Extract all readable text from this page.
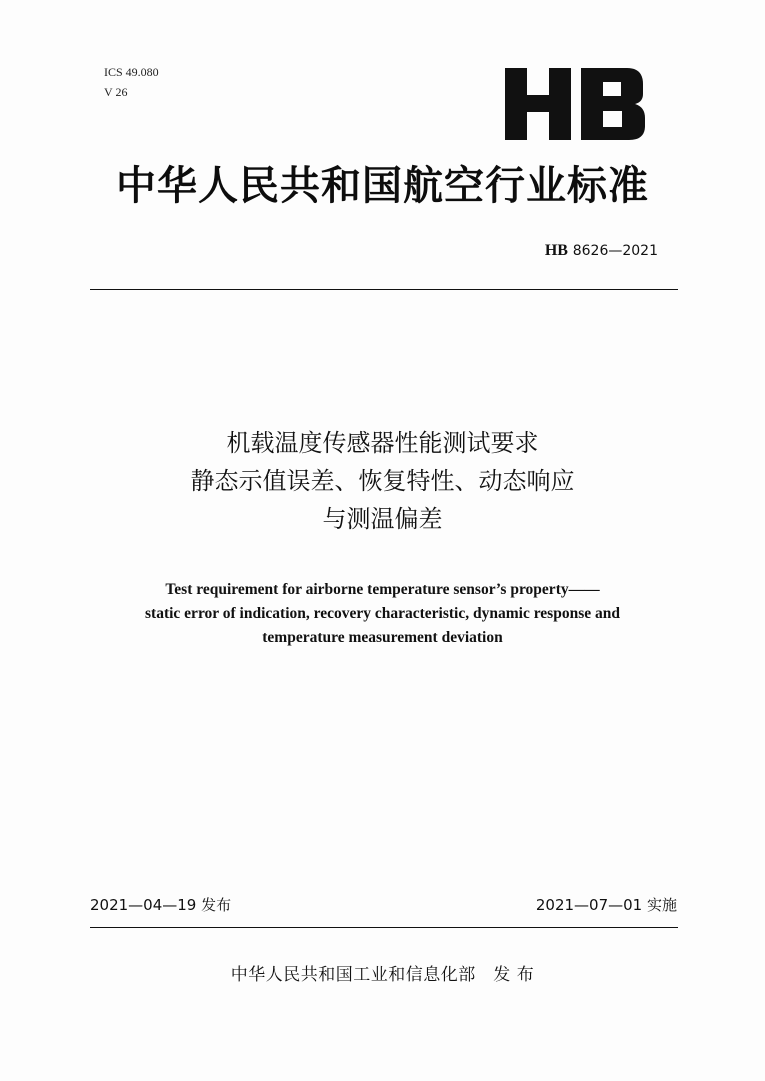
ICS 49.080
V 26
中华人民共和国航空行业标准
HB 8626—2021
机载温度传感器性能测试要求
静态示值误差、恢复特性、动态响应
与测温偏差
Test requirement for airborne temperature sensor’s property——
static error of indication, recovery characteristic, dynamic response and
temperature measurement deviation
2021—04—19 发布	2021—07—01 实施
中华人民共和国工业和信息化部　发 布
